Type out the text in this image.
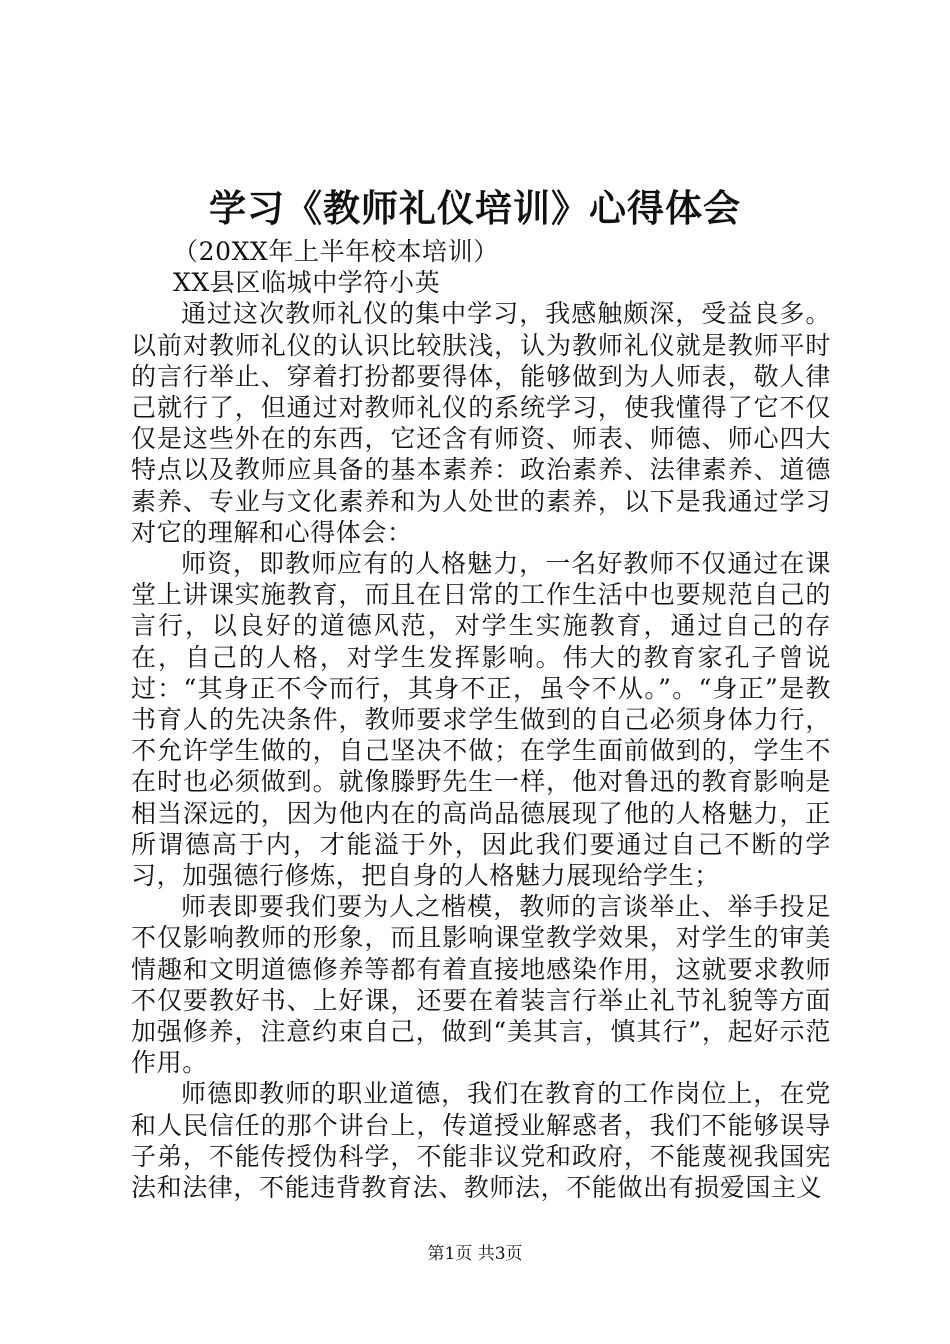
学习《教师礼仪培训》心得体会

（20XX年上半年校本培训）

XX县区临城中学符小英

通过这次教师礼仪的集中学习，我感触颇深，受益良多。以前对教师礼仪的认识比较肤浅，认为教师礼仪就是教师平时的言行举止、穿着打扮都要得体，能够做到为人师表，敬人律己就行了，但通过对教师礼仪的系统学习，使我懂得了它不仅仅是这些外在的东西，它还含有师资、师表、师德、师心四大特点以及教师应具备的基本素养：政治素养、法律素养、道德素养、专业与文化素养和为人处世的素养，以下是我通过学习对它的理解和心得体会：

师资，即教师应有的人格魅力，一名好教师不仅通过在课堂上讲课实施教育，而且在日常的工作生活中也要规范自己的言行，以良好的道德风范，对学生实施教育，通过自己的存在，自己的人格，对学生发挥影响。伟大的教育家孔子曾说过：“其身正不令而行，其身不正，虽令不从。”。“身正”是教书育人的先决条件，教师要求学生做到的自己必须身体力行，不允许学生做的，自己坚决不做；在学生面前做到的，学生不在时也必须做到。就像滕野先生一样，他对鲁迅的教育影响是相当深远的，因为他内在的高尚品德展现了他的人格魅力，正所谓德高于内，才能溢于外，因此我们要通过自己不断的学习，加强德行修炼，把自身的人格魅力展现给学生；

师表即要我们要为人之楷模，教师的言谈举止、举手投足不仅影响教师的形象，而且影响课堂教学效果，对学生的审美情趣和文明道德修养等都有着直接地感染作用，这就要求教师不仅要教好书、上好课，还要在着装言行举止礼节礼貌等方面加强修养，注意约束自己，做到“美其言，慎其行”，起好示范作用。

师德即教师的职业道德，我们在教育的工作岗位上，在党和人民信任的那个讲台上，传道授业解惑者，我们不能够误导子弟，不能传授伪科学，不能非议党和政府，不能蔑视我国宪法和法律，不能违背教育法、教师法，不能做出有损爱国主义

第1页 共3页
